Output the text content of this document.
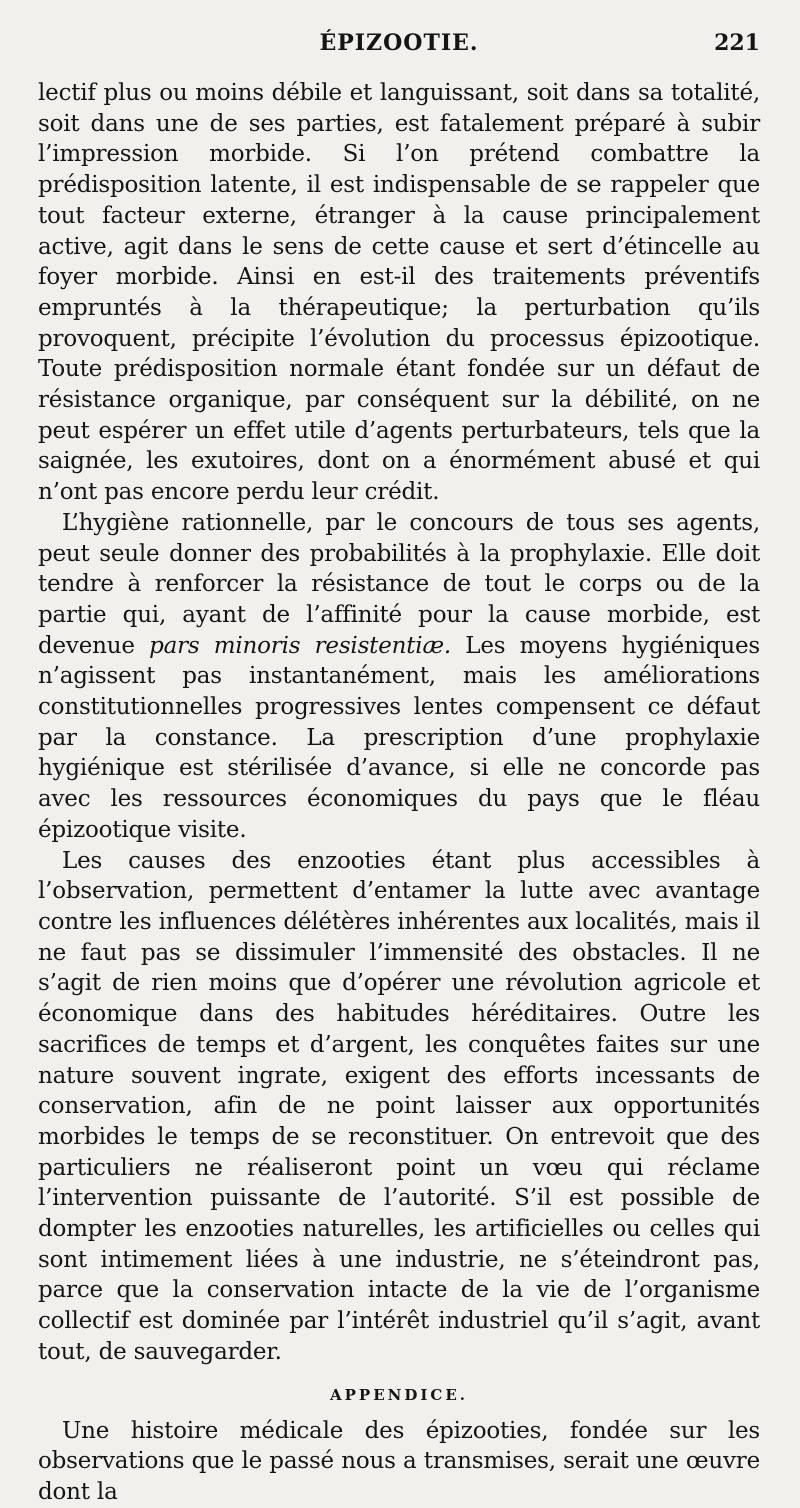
ÉPIZOOTIE.	221

lectif plus ou moins débile et languissant, soit dans sa totalité, soit dans une de ses parties, est fatalement préparé à subir l’impression morbide. Si l’on prétend combattre la prédisposition latente, il est indispensable de se rappeler que tout facteur externe, étranger à la cause principalement active, agit dans le sens de cette cause et sert d’étincelle au foyer morbide. Ainsi en est-il des traitements préventifs empruntés à la thérapeutique; la perturbation qu’ils provoquent, précipite l’évolution du processus épizootique. Toute prédisposition normale étant fondée sur un défaut de résistance organique, par conséquent sur la débilité, on ne peut espérer un effet utile d’agents perturbateurs, tels que la saignée, les exutoires, dont on a énormément abusé et qui n’ont pas encore perdu leur crédit.

L’hygiène rationnelle, par le concours de tous ses agents, peut seule donner des probabilités à la prophylaxie. Elle doit tendre à renforcer la résistance de tout le corps ou de la partie qui, ayant de l’affinité pour la cause morbide, est devenue pars minoris resistentiæ. Les moyens hygiéniques n’agissent pas instantanément, mais les améliorations constitutionnelles progressives lentes compensent ce défaut par la constance. La prescription d’une prophylaxie hygiénique est stérilisée d’avance, si elle ne concorde pas avec les ressources économiques du pays que le fléau épizootique visite.

Les causes des enzooties étant plus accessibles à l’observation, permettent d’entamer la lutte avec avantage contre les influences délétères inhérentes aux localités, mais il ne faut pas se dissimuler l’immensité des obstacles. Il ne s’agit de rien moins que d’opérer une révolution agricole et économique dans des habitudes héréditaires. Outre les sacrifices de temps et d’argent, les conquêtes faites sur une nature souvent ingrate, exigent des efforts incessants de conservation, afin de ne point laisser aux opportunités morbides le temps de se reconstituer. On entrevoit que des particuliers ne réaliseront point un vœu qui réclame l’intervention puissante de l’autorité. S’il est possible de dompter les enzooties naturelles, les artificielles ou celles qui sont intimement liées à une industrie, ne s’éteindront pas, parce que la conservation intacte de la vie de l’organisme collectif est dominée par l’intérêt industriel qu’il s’agit, avant tout, de sauvegarder.

APPENDICE.

Une histoire médicale des épizooties, fondée sur les observations que le passé nous a transmises, serait une œuvre dont la
